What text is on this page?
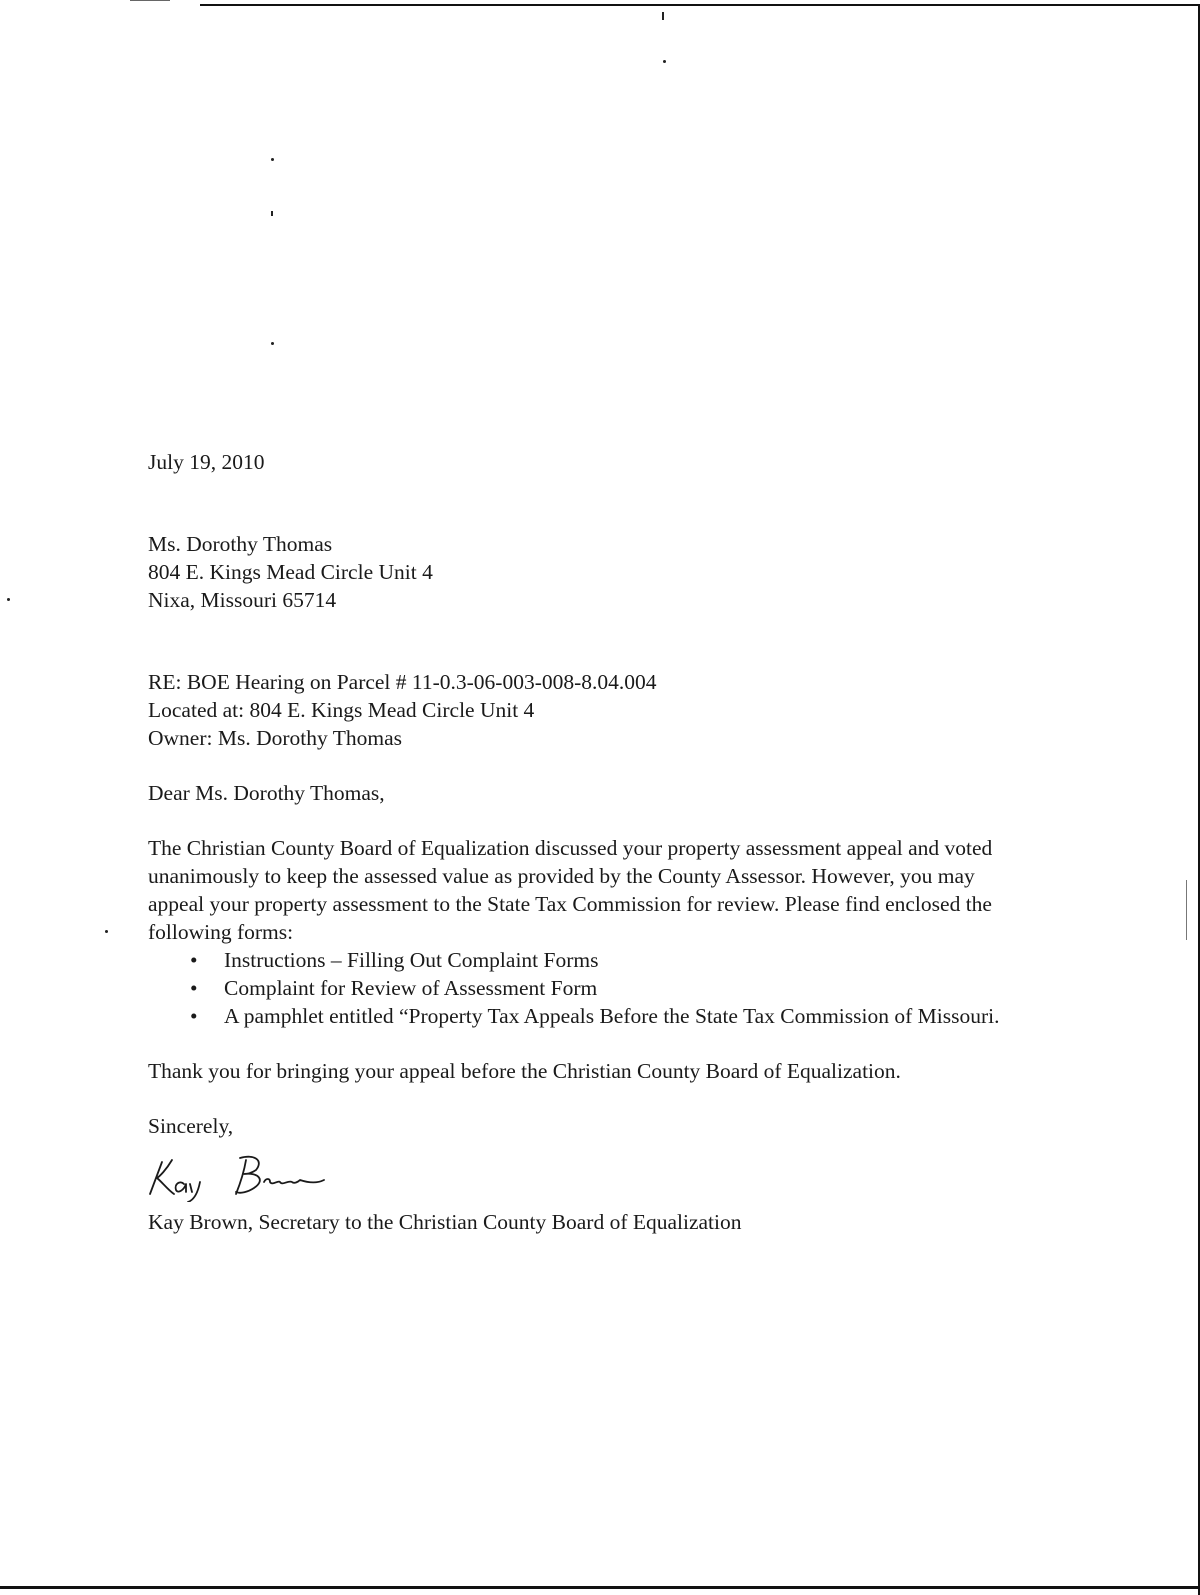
July 19, 2010

Ms. Dorothy Thomas
804 E. Kings Mead Circle Unit 4
Nixa, Missouri 65714
RE: BOE Hearing on Parcel # 11-0.3-06-003-008-8.04.004
Located at: 804 E. Kings Mead Circle Unit 4
Owner: Ms. Dorothy Thomas

Dear Ms. Dorothy Thomas,

The Christian County Board of Equalization discussed your property assessment appeal and voted unanimously to keep the assessed value as provided by the County Assessor. However, you may appeal your property assessment to the State Tax Commission for review. Please find enclosed the following forms:

• Instructions – Filling Out Complaint Forms
• Complaint for Review of Assessment Form
• A pamphlet entitled “Property Tax Appeals Before the State Tax Commission of Missouri.

Thank you for bringing your appeal before the Christian County Board of Equalization.

Sincerely,

Kay Brown, Secretary to the Christian County Board of Equalization
